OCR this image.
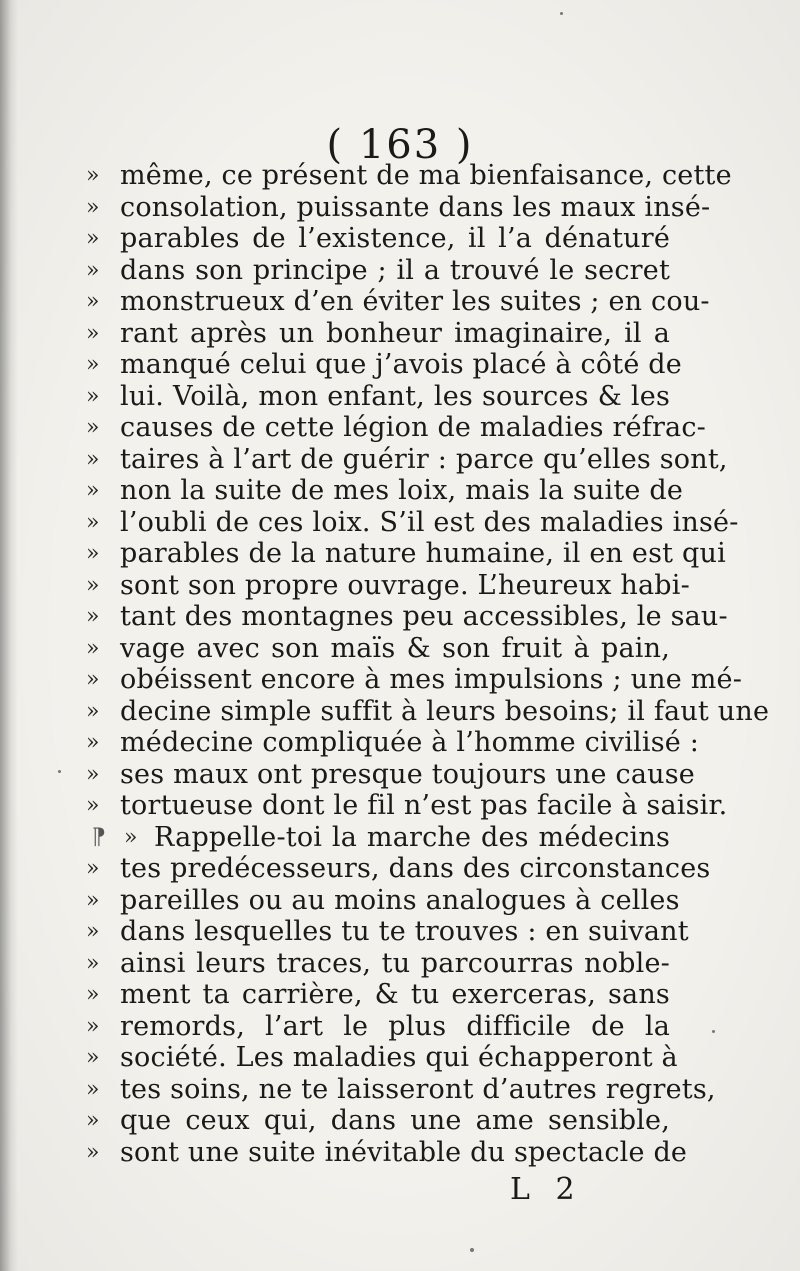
( 163 )
» même, ce présent de ma bienfaisance, cette
» consolation, puissante dans les maux insé-
» parables de l’existence, il l’a dénaturé
» dans son principe ; il a trouvé le secret
» monstrueux d’en éviter les suites ; en cou-
» rant après un bonheur imaginaire, il a
» manqué celui que j’avois placé à côté de
» lui. Voilà, mon enfant, les sources & les
» causes de cette légion de maladies réfrac-
» taires à l’art de guérir : parce qu’elles sont,
» non la suite de mes loix, mais la suite de
» l’oubli de ces loix. S’il est des maladies insé-
» parables de la nature humaine, il en est qui
» sont son propre ouvrage. L’heureux habi-
» tant des montagnes peu accessibles, le sau-
» vage avec son maïs & son fruit à pain,
» obéissent encore à mes impulsions ; une mé-
» decine simple suffit à leurs besoins; il faut une
» médecine compliquée à l’homme civilisé :
» ses maux ont presque toujours une cause
» tortueuse dont le fil n’est pas facile à saisir.
⁋ » Rappelle-toi la marche des médecins
» tes predécesseurs, dans des circonstances
» pareilles ou au moins analogues à celles
» dans lesquelles tu te trouves : en suivant
» ainsi leurs traces, tu parcourras noble-
» ment ta carrière, & tu exerceras, sans
» remords, l’art le plus difficile de la
» société. Les maladies qui échapperont à
» tes soins, ne te laisseront d’autres regrets,
» que ceux qui, dans une ame sensible,
» sont une suite inévitable du spectacle de
L 2
